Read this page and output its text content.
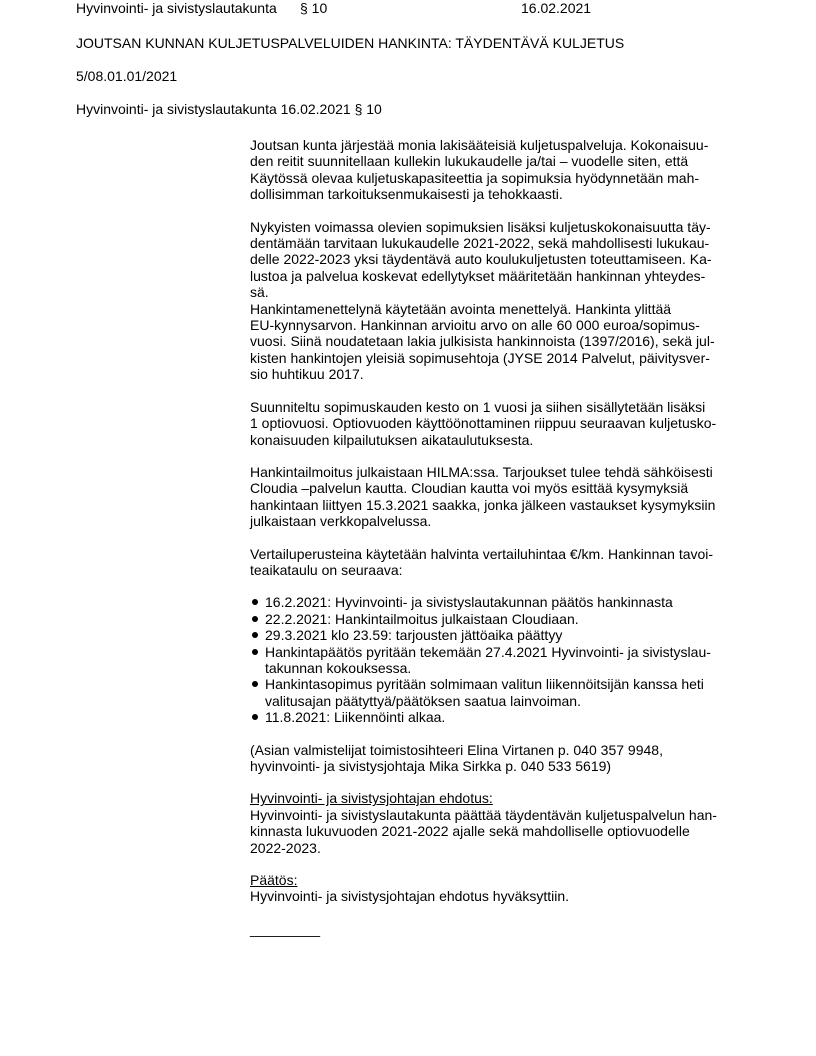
Hyvinvointi- ja sivistyslautakunta § 10	16.02.2021
JOUTSAN KUNNAN KULJETUSPALVELUIDEN HANKINTA: TÄYDENTÄVÄ KULJETUS
5/08.01.01/2021
Hyvinvointi- ja sivistyslautakunta 16.02.2021 § 10
Joutsan kunta järjestää monia lakisääteisiä kuljetuspalveluja. Kokonaisuu-
den reitit suunnitellaan kullekin lukukaudelle ja/tai – vuodelle siten, että
Käytössä olevaa kuljetuskapasiteettia ja sopimuksia hyödynnetään mah-
dollisimman tarkoituksenmukaisesti ja tehokkaasti.
Nykyisten voimassa olevien sopimuksien lisäksi kuljetuskokonaisuutta täy-
dentämään tarvitaan lukukaudelle 2021-2022, sekä mahdollisesti lukukau-
delle 2022-2023 yksi täydentävä auto koulukuljetusten toteuttamiseen. Ka-
lustoa ja palvelua koskevat edellytykset määritetään hankinnan yhteydes-
sä.
Hankintamenettelynä käytetään avointa menettelyä. Hankinta ylittää
EU-kynnysarvon. Hankinnan arvioitu arvo on alle 60 000 euroa/sopimus-
vuosi. Siinä noudatetaan lakia julkisista hankinnoista (1397/2016), sekä jul-
kisten hankintojen yleisiä sopimusehtoja (JYSE 2014 Palvelut, päivitysver-
sio huhtikuu 2017.
Suunniteltu sopimuskauden kesto on 1 vuosi ja siihen sisällytetään lisäksi
1 optiovuosi. Optiovuoden käyttöönottaminen riippuu seuraavan kuljetusko-
konaisuuden kilpailutuksen aikataulutuksesta.
Hankintailmoitus julkaistaan HILMA:ssa. Tarjoukset tulee tehdä sähköisesti
Cloudia –palvelun kautta. Cloudian kautta voi myös esittää kysymyksiä
hankintaan liittyen 15.3.2021 saakka, jonka jälkeen vastaukset kysymyksiin
julkaistaan verkkopalvelussa.
Vertailuperusteina käytetään halvinta vertailuhintaa €/km. Hankinnan tavoi-
teaikataulu on seuraava:
16.2.2021: Hyvinvointi- ja sivistyslautakunnan päätös hankinnasta
22.2.2021: Hankintailmoitus julkaistaan Cloudiaan.
29.3.2021 klo 23.59: tarjousten jättöaika päättyy
Hankintapäätös pyritään tekemään 27.4.2021 Hyvinvointi- ja sivistyslau-
takunnan kokouksessa.
Hankintasopimus pyritään solmimaan valitun liikennöitsijän kanssa heti
valitusajan päätyttyä/päätöksen saatua lainvoiman.
11.8.2021: Liikennöinti alkaa.
(Asian valmistelijat toimistosihteeri Elina Virtanen p. 040 357 9948,
hyvinvointi- ja sivistysjohtaja Mika Sirkka p. 040 533 5619)
Hyvinvointi- ja sivistysjohtajan ehdotus:
Hyvinvointi- ja sivistyslautakunta päättää täydentävän kuljetuspalvelun han-
kinnasta lukuvuoden 2021-2022 ajalle sekä mahdolliselle optiovuodelle
2022-2023.
Päätös:
Hyvinvointi- ja sivistysjohtajan ehdotus hyväksyttiin.
_________
